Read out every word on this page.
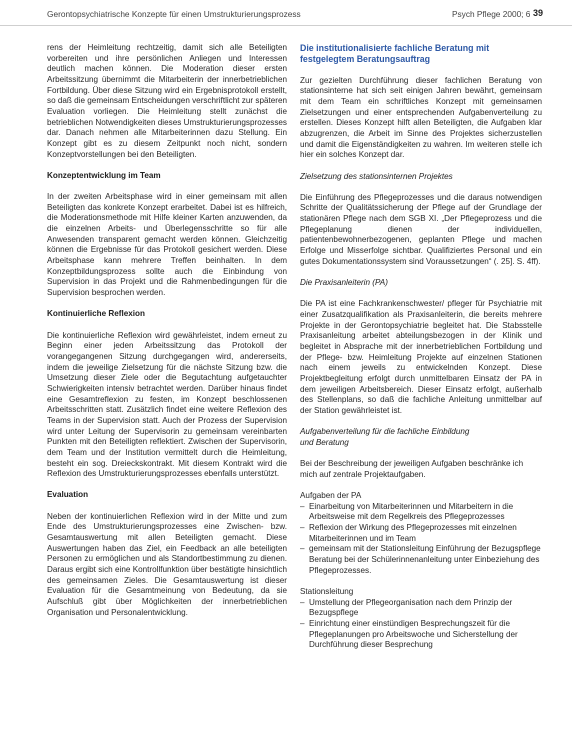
Gerontopsychiatrische Konzepte für einen Umstrukturierungsprozess	Psych Pflege 2000; 6 39

rens der Heimleitung rechtzeitig, damit sich alle Beteiligten vorbereiten und ihre persönlichen Anliegen und Interessen deutlich machen können. Die Moderation dieser ersten Arbeitssitzung übernimmt die Mitarbeiterin der innerbetrieblichen Fortbildung. Über diese Sitzung wird ein Ergebnisprotokoll erstellt, so daß die gemeinsam Entscheidungen verschriftlicht zur späteren Evaluation vorliegen. Die Heimleitung stellt zunächst die betrieblichen Notwendigkeiten dieses Umstrukturierungsprozesses dar. Danach nehmen alle Mitarbeiterinnen dazu Stellung. Ein Konzept gibt es zu diesem Zeitpunkt noch nicht, sondern Konzeptvorstellungen bei den Beteiligten.

Konzeptentwicklung im Team

In der zweiten Arbeitsphase wird in einer gemeinsam mit allen Beteiligten das konkrete Konzept erarbeitet. Dabei ist es hilfreich, die Moderationsmethode mit Hilfe kleiner Karten anzuwenden, da die einzelnen Arbeits- und Überlegensschritte so für alle Anwesenden transparent gemacht werden können. Gleichzeitig können die Ergebnisse für das Protokoll gesichert werden. Diese Arbeitsphase kann mehrere Treffen beinhalten. In dem Konzeptbildungsprozess sollte auch die Einbindung von Supervision in das Projekt und die Rahmenbedingungen für die Supervision besprochen werden.

Kontinuierliche Reflexion

Die kontinuierliche Reflexion wird gewährleistet, indem erneut zu Beginn einer jeden Arbeitssitzung das Protokoll der vorangegangenen Sitzung durchgegangen wird, andererseits, indem die jeweilige Zielsetzung für die nächste Sitzung bzw. die Umsetzung dieser Ziele oder die Begutachtung aufgetauchter Schwierigkeiten intensiv betrachtet werden. Darüber hinaus findet eine Gesamtreflexion zu festen, im Konzept beschlossenen Arbeitsschritten statt. Zusätzlich findet eine weitere Reflexion des Teams in der Supervision statt. Auch der Prozess der Supervision wird unter Leitung der Supervisorin zu gemeinsam vereinbarten Punkten mit den Beteiligten reflektiert. Zwischen der Supervisorin, dem Team und der Institution vermittelt durch die Heimleitung, besteht ein sog. Dreieckskontrakt. Mit diesem Kontrakt wird die Reflexion des Umstrukturierungsprozesses ebenfalls unterstützt.

Evaluation

Neben der kontinuierlichen Reflexion wird in der Mitte und zum Ende des Umstrukturierungsprozesses eine Zwischen- bzw. Gesamtauswertung mit allen Beteiligten gemacht. Diese Auswertungen haben das Ziel, ein Feedback an alle beteiligten Personen zu ermöglichen und als Standortbestimmung zu dienen. Daraus ergibt sich eine Kontrollfunktion über bestätigte hinsichtlich des gemeinsamen Zieles. Die Gesamtauswertung ist dieser Evaluation für die Gesamtmeinung von Bedeutung, da sie Aufschluß gibt über Möglichkeiten der innerbetrieblichen Organisation und Personalentwicklung.

Die institutionalisierte fachliche Beratung mit festgelegtem Beratungsauftrag

Zur gezielten Durchführung dieser fachlichen Beratung von stationsinterne hat sich seit einigen Jahren bewährt, gemeinsam mit dem Team ein schriftliches Konzept mit gemeinsamen Zielsetzungen und einer entsprechenden Aufgabenverteilung zu erstellen. Dieses Konzept hilft allen Beteiligten, die Aufgaben klar abzugrenzen, die Arbeit im Sinne des Projektes sicherzustellen und damit die Eigenständigkeiten zu wahren. Im weiteren stelle ich hier ein solches Konzept dar.

Zielsetzung des stationsinternen Projektes

Die Einführung des Pflegeprozesses und die daraus notwendigen Schritte der Qualitätssicherung der Pflege auf der Grundlage der stationären Pflege nach dem SGB XI. „Der Pflegeprozess und die Pflegeplanung dienen der individuellen, patientenbewohnerbezogenen, geplanten Pflege und machen Erfolge und Misserfolge sichtbar. Qualifiziertes Personal und ein gutes Dokumentationssystem sind Voraussetzungen“ (. 25]. S. 4ff).

Die Praxisanleiterin (PA)

Die PA ist eine Fachkrankenschwester/ pfleger für Psychiatrie mit einer Zusatzqualifikation als Praxisanleiterin, die bereits mehrere Projekte in der Gerontopsychiatrie begleitet hat. Die Stabsstelle Praxisanleitung arbeitet abteilungsbezogen in der Klinik und begleitet in Absprache mit der innerbetrieblichen Fortbildung und der Pflege- bzw. Heimleitung Projekte auf einzelnen Stationen nach einem jeweils zu entwickelnden Konzept. Diese Projektbegleitung erfolgt durch unmittelbaren Einsatz der PA in dem jeweiligen Arbeitsbereich. Dieser Einsatz erfolgt, außerhalb des Stellenplans, so daß die fachliche Anleitung unmittelbar auf der Station gewährleistet ist.

Aufgabenverteilung für die fachliche Einbildung
und Beratung

Bei der Beschreibung der jeweiligen Aufgaben beschränke ich mich auf zentrale Projektaufgaben.

Aufgaben der PA

– Einarbeitung von Mitarbeiterinnen und Mitarbeitern in die Arbeitsweise mit dem Regelkreis des Pflegeprozesses
– Reflexion der Wirkung des Pflegeprozesses mit einzelnen Mitarbeiterinnen und im Team
– gemeinsam mit der Stationsleitung Einführung der Bezugspflege

Beratung bei der Schülerinnenanleitung unter Einbeziehung des Pflegeprozesses.

Stationsleitung

– Umstellung der Pflegeorganisation nach dem Prinzip der Bezugspflege
– Einrichtung einer einstündigen Besprechungszeit für die Pflegeplanungen pro Arbeitswoche und Sicherstellung der Durchführung dieser Besprechung
